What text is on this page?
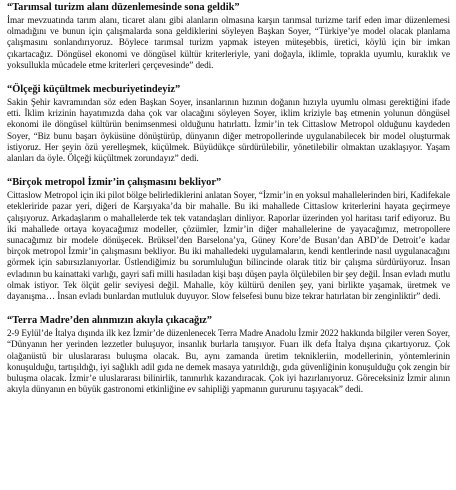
“Tarımsal turizm alanı düzenlemesinde sona geldik”

İmar mevzuatında tarım alanı, ticaret alanı gibi alanların olmasına karşın tarımsal turizme tarif eden imar düzenlemesi olmadığını ve bunun için çalışmalarda sona geldiklerini söyleyen Başkan Soyer, “Türkiye’ye model olacak planlama çalışmasını sonlandırıyoruz. Böylece tarımsal turizm yapmak isteyen müteşebbis, üretici, köylü için bir imkan çıkartacağız. Döngüsel ekonomi ve döngüsel kültür kriterleriyle, yani doğayla, iklimle, toprakla uyumlu, kuraklık ve yoksullukla mücadele etme kriterleri çerçevesinde” dedi.

“Ölçeği küçültmek mecburiyetindeyiz”

Sakin Şehir kavramından söz eden Başkan Soyer, insanlarının hızının doğanın hızıyla uyumlu olması gerektiğini ifade etti. İklim krizinin hayatımızda daha çok var olacağını söyleyen Soyer, iklim kriziyle baş etmenin yolunun döngüsel ekonomi ile döngüsel kültürün benimsenmesi olduğunu hatırlattı. İzmir’in tek Cittaslow Metropol olduğunu kaydeden Soyer, “Biz bunu başarı öyküsüne dönüştürüp, dünyanın diğer metropollerinde uygulanabilecek bir model oluşturmak istiyoruz. Her şeyin özü yerelleşmek, küçülmek. Büyüdükçe sürdürülebilir, yönetilebilir olmaktan uzaklaşıyor. Yaşam alanları da öyle. Ölçeği küçültmek zorundayız” dedi.

“Birçok metropol İzmir’in çalışmasını bekliyor”

Cittaslow Metropol için iki pilot bölge belirlediklerini anlatan Soyer, “İzmir’in en yoksul mahallelerinden biri, Kadifekale etekleriride pazar yeri, diğeri de Karşıyaka’da bir mahalle. Bu iki mahallede Cittaslow kriterlerini hayata geçirmeye çalışıyoruz. Arkadaşlarım o mahallelerde tek tek vatandaşları dinliyor. Raporlar üzerinden yol haritası tarif ediyoruz. Bu iki mahallede ortaya koyacağımız modeller, çözümler, İzmir’in diğer mahallelerine de yayacağımız, metropollere sunacağımız bir modele dönüşecek. Brüksel’den Barselona’ya, Güney Kore’de Busan’dan ABD’de Detroit’e kadar birçok metropol İzmir’in çalışmasını bekliyor. Bu iki mahalledeki uygulamaların, kendi kentlerinde nasıl uygulanacağını görmek için sabırsızlanıyorlar. Üstlendiğimiz bu sorumluluğun bilincinde olarak titiz bir çalışma sürdürüyoruz. İnsan evladının bu kainattaki varlığı, gayri safi milli hasıladan kişi başı düşen payla ölçülebilen bir şey değil. İnsan evladı mutlu olmak istiyor. Tek ölçüt gelir seviyesi değil. Mahalle, köy kültürü denilen şey, yani birlikte yaşamak, üretmek ve dayanışma… İnsan evladı bunlardan mutluluk duyuyor. Slow felsefesi bunu bize tekrar hatırlatan bir zenginliktir” dedi.

“Terra Madre’den alınmızın akıyla çıkacağız”

2-9 Eylül’de İtalya dışında ilk kez İzmir’de düzenlenecek Terra Madre Anadolu İzmir 2022 hakkında bilgiler veren Soyer, “Dünyanın her yerinden lezzetler buluşuyor, insanlık burlarla tanışıyor. Fuarı ilk defa İtalya dışına çıkartıyoruz. Çok olağanüstü bir uluslararası buluşma olacak. Bu, aynı zamanda üretim teknikleriin, modellerinin, yöntemlerinin konuşulduğu, tartışıldığı, iyi sağlıklı adil gıda ne demek masaya yatırıldığı, gıda güvenliğinin konuşulduğu çok zengin bir buluşma olacak. İzmir’e uluslararası bilinirlik, tanınırlık kazandıracak. Çok iyi hazırlanıyoruz. Göreceksiniz İzmir alının akıyla dünyanın en büyük gastronomi etkinliğine ev sahipliği yapmanın gururunu taşıyacak” dedi.
